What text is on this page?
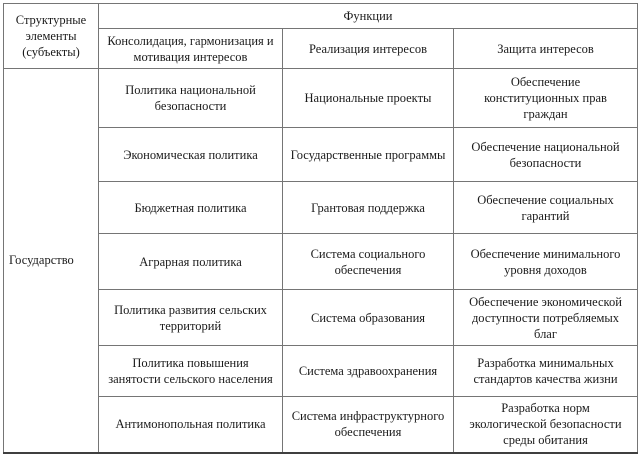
Структурные элементы (субъекты)	Функции		
	Консолидация, гармонизация и мотивация интересов	Реализация интересов	Защита интересов
Государство	Политика национальной безопасности	Национальные проекты	Обеспечение конституционных прав граждан
	Экономическая политика	Государственные программы	Обеспечение национальной безопасности
	Бюджетная политика	Грантовая поддержка	Обеспечение социальных гарантий
	Аграрная политика	Система социального обеспечения	Обеспечение минимального уровня доходов
	Политика развития сельских территорий	Система образования	Обеспечение экономической доступности потребляемых благ
	Политика повышения занятости сельского населения	Система здравоохранения	Разработка минимальных стандартов качества жизни
	Антимонопольная политика	Система инфраструктурного обеспечения	Разработка норм экологической безопасности среды обитания
